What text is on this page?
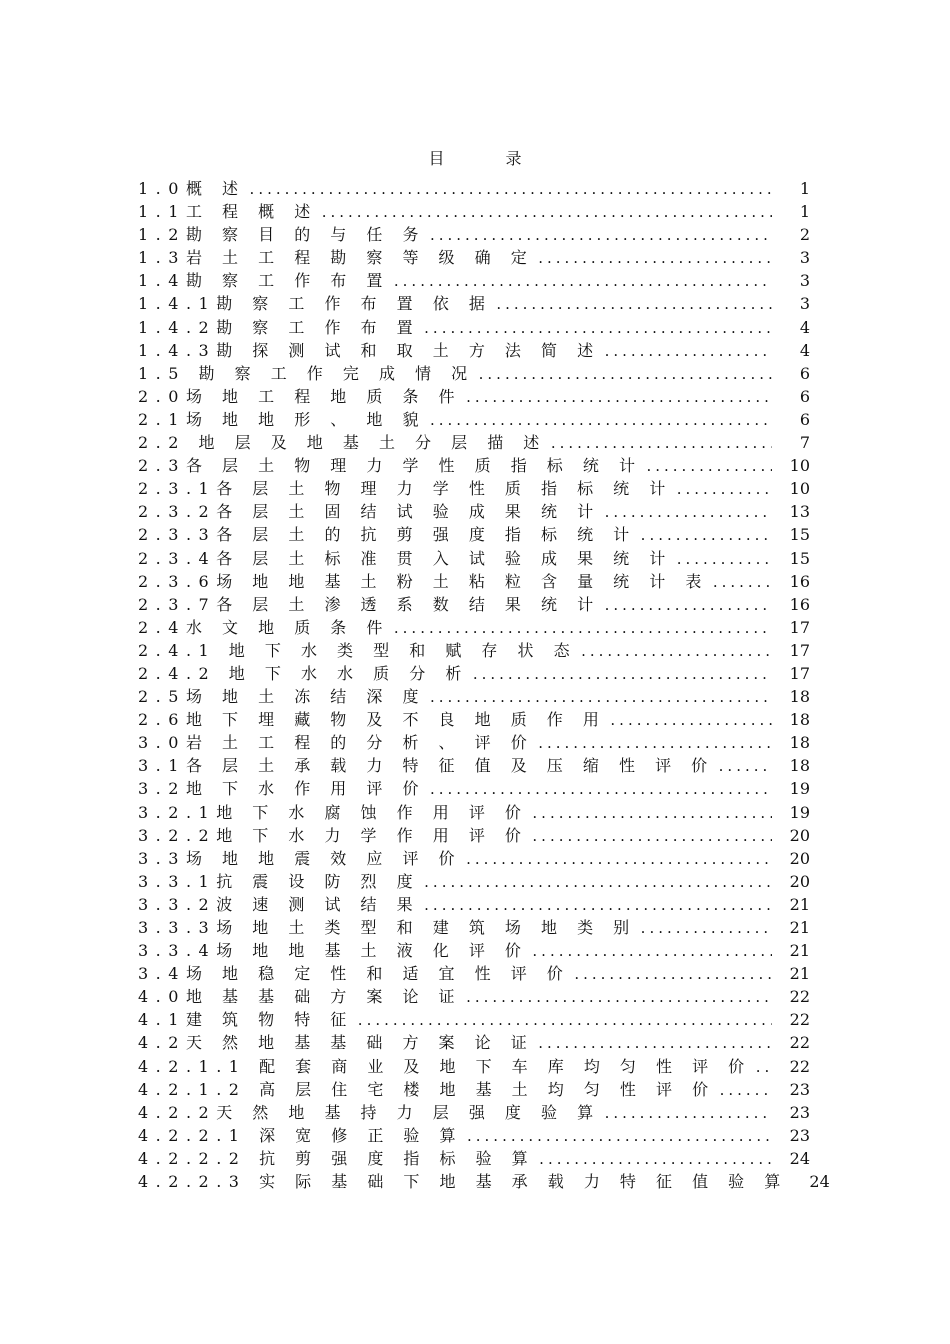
目 录
1.0概 述 .....	1
1.1工 程 概 述 .....	1
1.2勘 察 目 的 与 任 务 .....	2
1.3岩 土 工 程 勘 察 等 级 确 定 .....	3
1.4勘 察 工 作 布 置 .....	3
1.4.1勘 察 工 作 布 置 依 据 .....	3
1.4.2勘 察 工 作 布 置 .....	4
1.4.3勘 探 测 试 和 取 土 方 法 简 述 .....	4
1.5 勘 察 工 作 完 成 情 况 .....	6
2.0场 地 工 程 地 质 条 件 .....	6
2.1场 地 地 形 、 地 貌 .....	6
2.2 地 层 及 地 基 土 分 层 描 述 .....	7
2.3各 层 土 物 理 力 学 性 质 指 标 统 计 .....	10
2.3.1各 层 土 物 理 力 学 性 质 指 标 统 计 .....	10
2.3.2各 层 土 固 结 试 验 成 果 统 计 .....	13
2.3.3各 层 土 的 抗 剪 强 度 指 标 统 计 .....	15
2.3.4各 层 土 标 准 贯 入 试 验 成 果 统 计 .....	15
2.3.6场 地 地 基 土 粉 土 粘 粒 含 量 统 计 表 .....	16
2.3.7各 层 土 渗 透 系 数 结 果 统 计 .....	16
2.4水 文 地 质 条 件 .....	17
2.4.1 地 下 水 类 型 和 赋 存 状 态 .....	17
2.4.2 地 下 水 水 质 分 析 .....	17
2.5场 地 土 冻 结 深 度 .....	18
2.6地 下 埋 藏 物 及 不 良 地 质 作 用 .....	18
3.0岩 土 工 程 的 分 析 、 评 价 .....	18
3.1各 层 土 承 载 力 特 征 值 及 压 缩 性 评 价 .....	18
3.2地 下 水 作 用 评 价 .....	19
3.2.1地 下 水 腐 蚀 作 用 评 价 .....	19
3.2.2地 下 水 力 学 作 用 评 价 .....	20
3.3场 地 地 震 效 应 评 价 .....	20
3.3.1抗 震 设 防 烈 度 .....	20
3.3.2波 速 测 试 结 果 .....	21
3.3.3场 地 土 类 型 和 建 筑 场 地 类 别 .....	21
3.3.4场 地 地 基 土 液 化 评 价 .....	21
3.4场 地 稳 定 性 和 适 宜 性 评 价 .....	21
4.0地 基 基 础 方 案 论 证 .....	22
4.1建 筑 物 特 征 .....	22
4.2天 然 地 基 基 础 方 案 论 证 .....	22
4.2.1.1 配 套 商 业 及 地 下 车 库 均 匀 性 评 价 .....	22
4.2.1.2 高 层 住 宅 楼 地 基 土 均 匀 性 评 价 .....	23
4.2.2天 然 地 基 持 力 层 强 度 验 算 .....	23
4.2.2.1 深 宽 修 正 验 算 .....	23
4.2.2.2 抗 剪 强 度 指 标 验 算 .....	24
4.2.2.3 实 际 基 础 下 地 基 承 载 力 特 征 值 验 算	24
